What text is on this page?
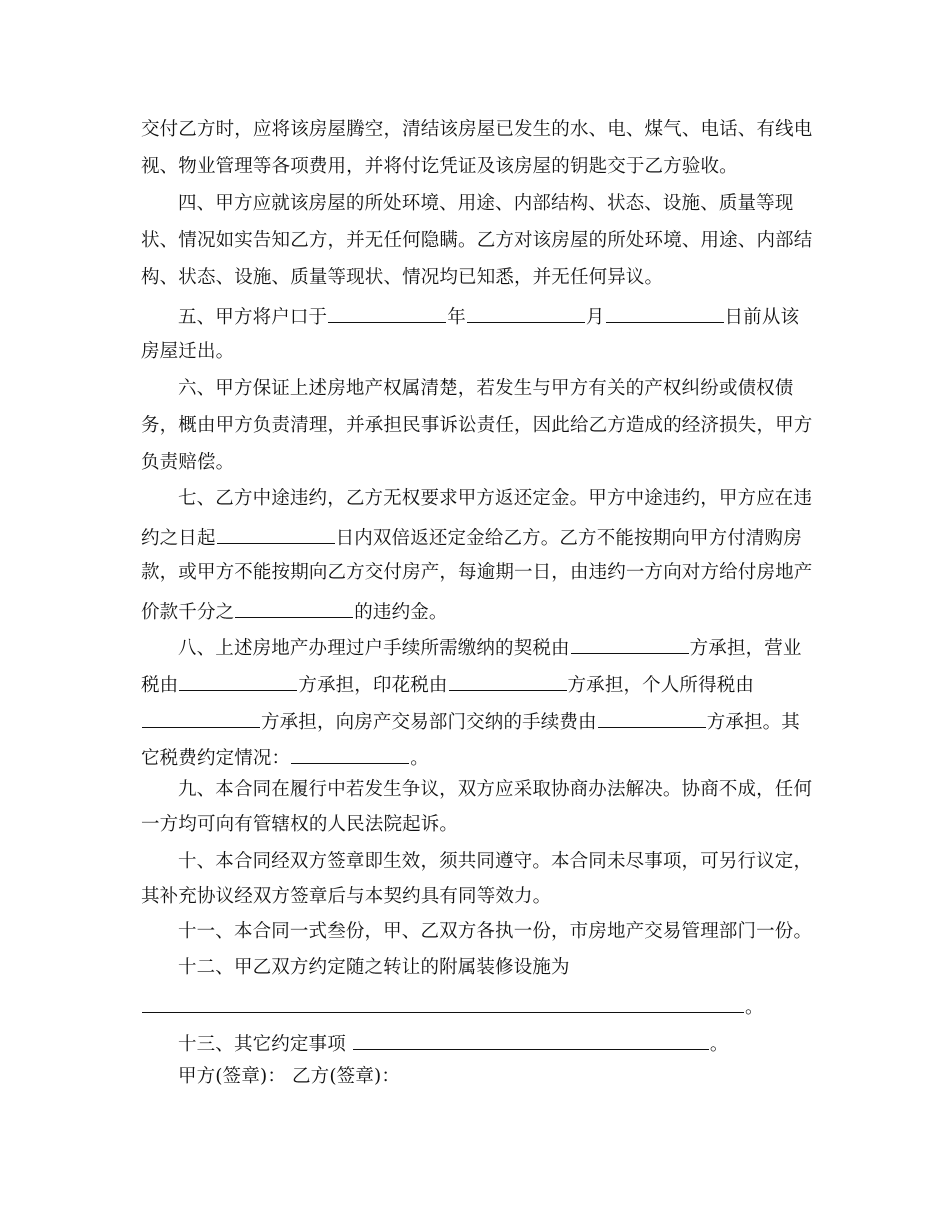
交付乙方时，应将该房屋腾空，清结该房屋已发生的水、电、煤气、电话、有线电
视、物业管理等各项费用，并将付讫凭证及该房屋的钥匙交于乙方验收。
四、甲方应就该房屋的所处环境、用途、内部结构、状态、设施、质量等现
状、情况如实告知乙方，并无任何隐瞒。乙方对该房屋的所处环境、用途、内部结
构、状态、设施、质量等现状、情况均已知悉，并无任何异议。
五、甲方将户口于	年	月	日前从该
房屋迁出。
六、甲方保证上述房地产权属清楚，若发生与甲方有关的产权纠纷或债权债
务，概由甲方负责清理，并承担民事诉讼责任，因此给乙方造成的经济损失，甲方
负责赔偿。
七、乙方中途违约，乙方无权要求甲方返还定金。甲方中途违约，甲方应在违
约之日起	日内双倍返还定金给乙方。乙方不能按期向甲方付清购房
款，或甲方不能按期向乙方交付房产，每逾期一日，由违约一方向对方给付房地产
价款千分之	的违约金。
八、上述房地产办理过户手续所需缴纳的契税由	方承担，营业
税由	方承担，印花税由	方承担，个人所得税由
方承担，向房产交易部门交纳的手续费由	方承担。其
它税费约定情况：	。
九、本合同在履行中若发生争议，双方应采取协商办法解决。协商不成，任何
一方均可向有管辖权的人民法院起诉。
十、本合同经双方签章即生效，须共同遵守。本合同未尽事项，可另行议定，
其补充协议经双方签章后与本契约具有同等效力。
十一、本合同一式叁份，甲、乙双方各执一份，市房地产交易管理部门一份。
十二、甲乙双方约定随之转让的附属装修设施为
。
十三、其它约定事项	。
甲方(签章)： 乙方(签章)：
